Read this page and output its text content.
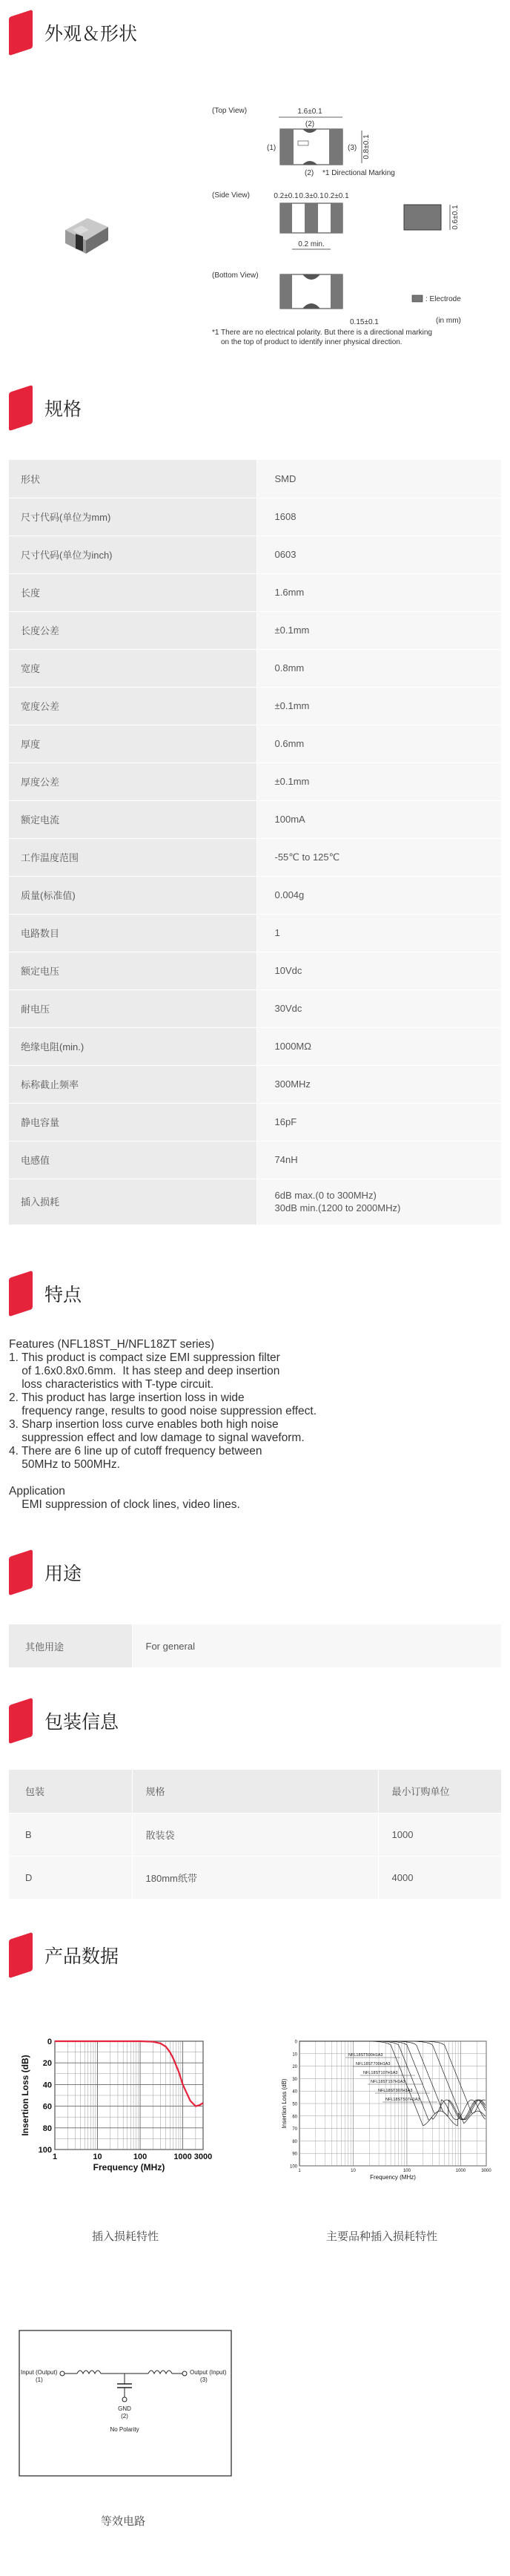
外观＆形状
(Top View)	1.6±0.1
(2)
(1)	(3) 0.8±0.1
(2) *1 Directional Marking
(Side View)	0.2±0.1 0.3±0.1 0.2±0.1
0.2 min.
0.6±0.1
(Bottom View)
: Electrode
0.15±0.1	(in mm)
*1 There are no electrical polarity. But there is a directional marking
on the top of product to identify inner physical direction.
规格
形状	SMD
尺寸代码(单位为mm)	1608
尺寸代码(单位为inch)	0603
长度	1.6mm
长度公差	±0.1mm
宽度	0.8mm
宽度公差	±0.1mm
厚度	0.6mm
厚度公差	±0.1mm
额定电流	100mA
工作温度范围	-55℃ to 125℃
质量(标准值)	0.004g
电路数目	1
额定电压	10Vdc
耐电压	30Vdc
绝缘电阻(min.)	1000MΩ
标称截止频率	300MHz
静电容量	16pF
电感值	74nH
插入损耗	6dB max.(0 to 300MHz)
30dB min.(1200 to 2000MHz)
特点
Features (NFL18ST_H/NFL18ZT series)
1. This product is compact size EMI suppression filter
of 1.6x0.8x0.6mm.  It has steep and deep insertion
loss characteristics with T-type circuit.
2. This product has large insertion loss in wide
frequency range, results to good noise suppression effect.
3. Sharp insertion loss curve enables both high noise
suppression effect and low damage to signal waveform.
4. There are 6 line up of cutoff frequency between
50MHz to 500MHz.
Application
EMI suppression of clock lines, video lines.
用途
其他用途	For general
包装信息
包装	规格	最小订购单位
B	散装袋	1000
D	180mm纸带	4000
产品数据
0
20
40
60
80
100
1	10	100	1000 3000
Frequency (MHz)
Insertion Loss (dB)
0
10
20
30
40
50
60
70
80
90
100
1	10	100	1000	3000
NFL18ST500H1A3
NFL18ST700H1A3
NFL18ST107H1A3
NFL18ST157H1A3
NFL18ST307H1A3
NFL18ST507H1A3
Frequency (MHz)
Insertion Loss (dB)
插入损耗特性	主要品种插入损耗特性
Input (Output)
(1)
Output (Input)
(3)
GND
(2)
No Polarity
等效电路
